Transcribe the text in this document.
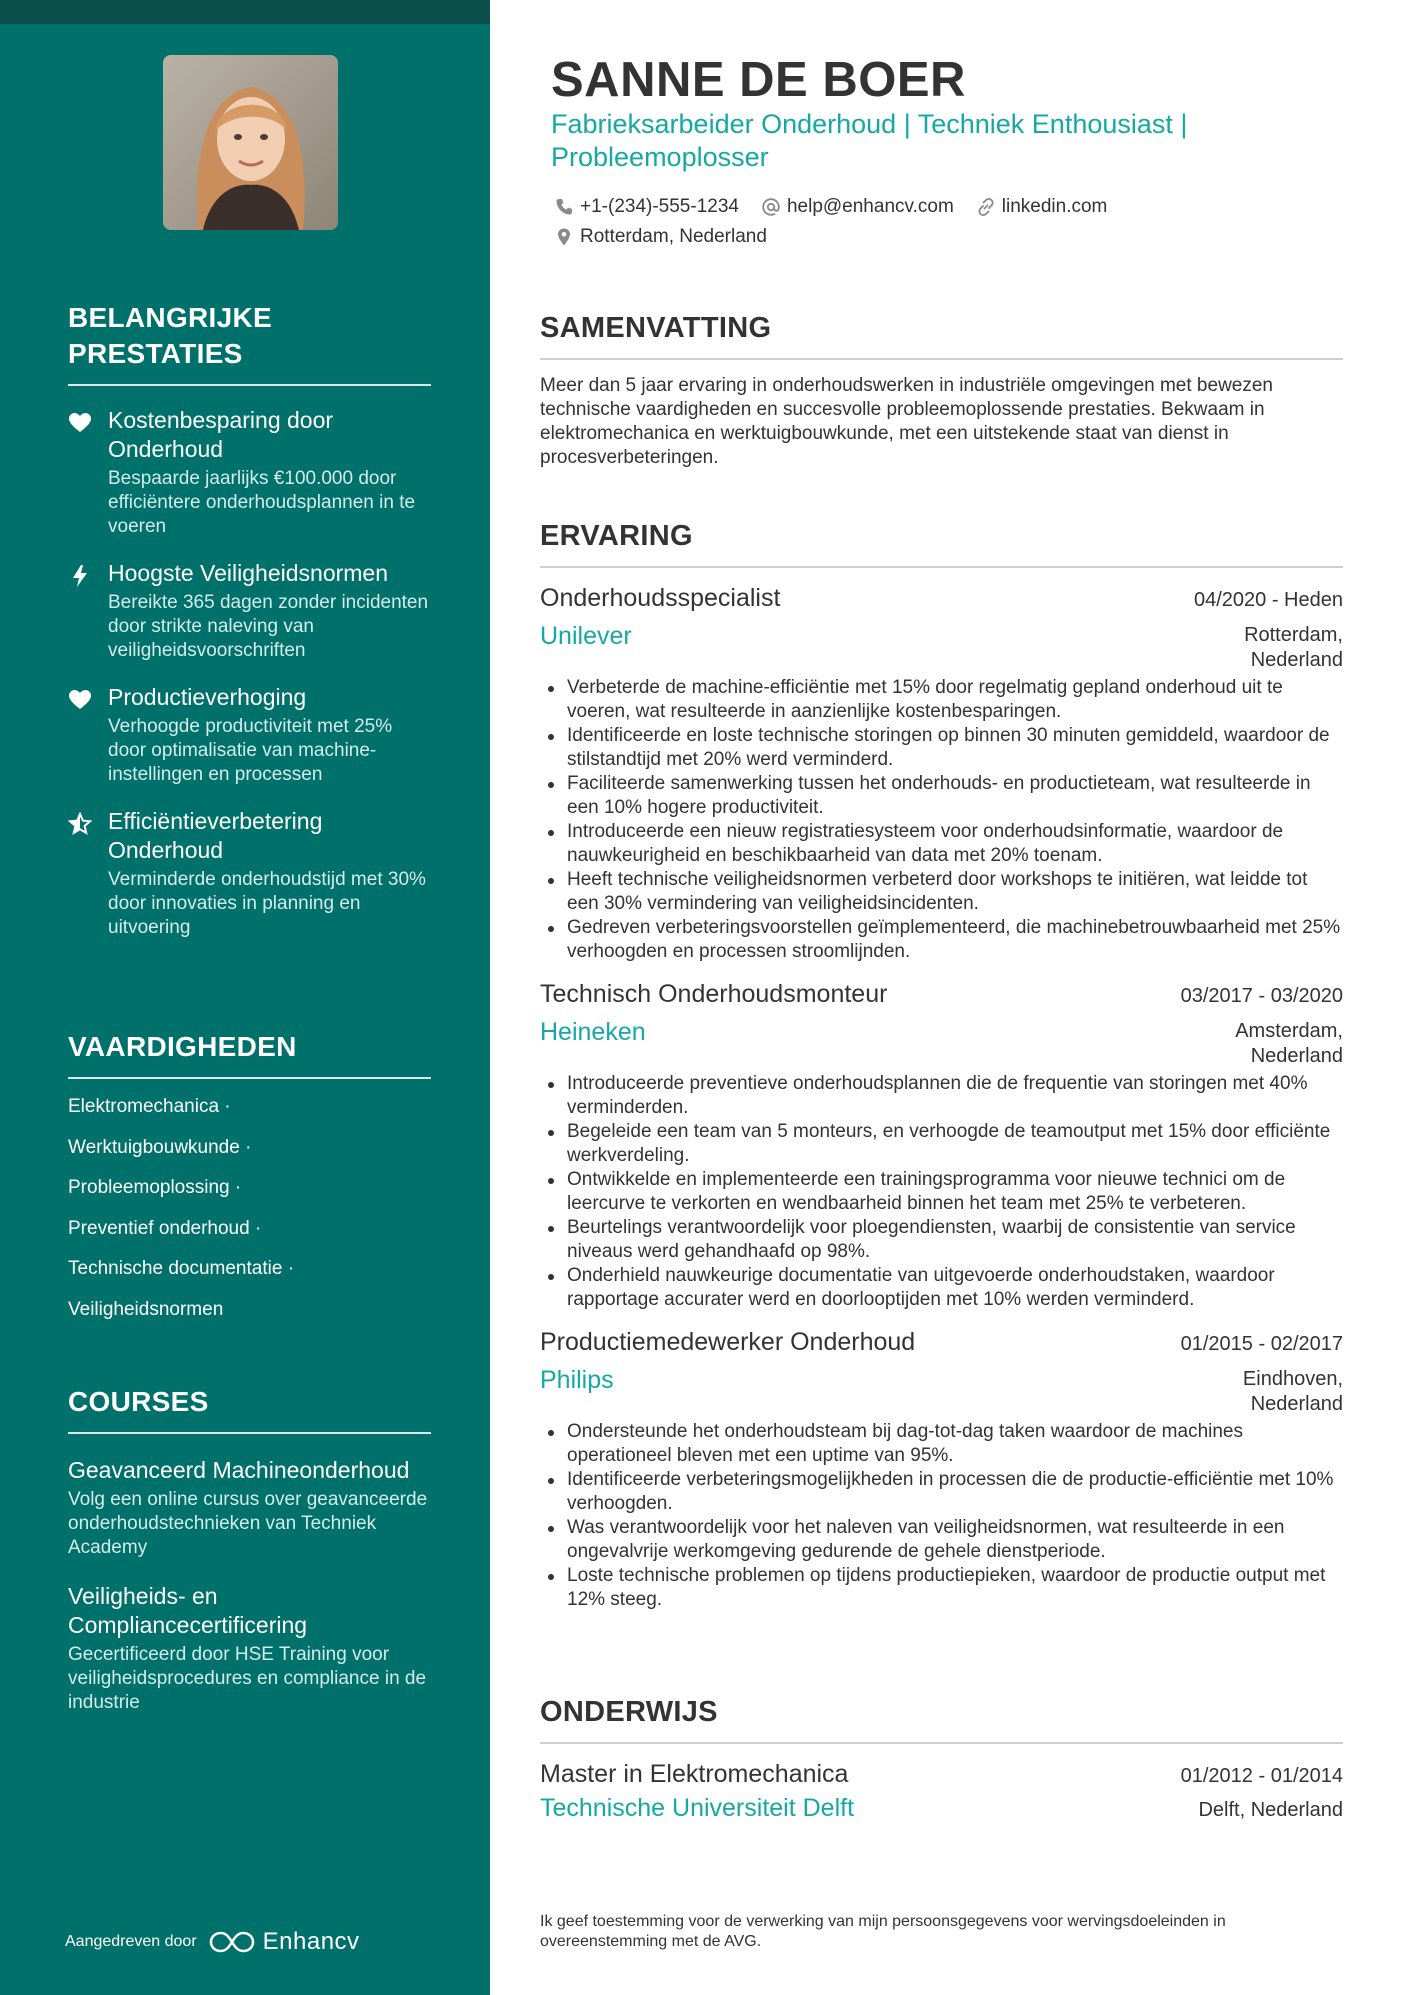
BELANGRIJKE PRESTATIES
Kostenbesparing door Onderhoud
Bespaarde jaarlijks €100.000 door efficiëntere onderhoudsplannen in te voeren
Hoogste Veiligheidsnormen
Bereikte 365 dagen zonder incidenten door strikte naleving van veiligheidsvoorschriften
Productieverhoging
Verhoogde productiviteit met 25% door optimalisatie van machine-instellingen en processen
Efficiëntieverbetering Onderhoud
Verminderde onderhoudstijd met 30% door innovaties in planning en uitvoering
VAARDIGHEDEN
Elektromechanica ·
Werktuigbouwkunde ·
Probleemoplossing ·
Preventief onderhoud ·
Technische documentatie ·
Veiligheidsnormen
COURSES
Geavanceerd Machineonderhoud
Volg een online cursus over geavanceerde onderhoudstechnieken van Techniek Academy
Veiligheids- en Compliancecertificering
Gecertificeerd door HSE Training voor veiligheidsprocedures en compliance in de industrie
Aangedreven door	Enhancv
SANNE DE BOER
Fabrieksarbeider Onderhoud | Techniek Enthousiast | Probleemoplosser
+1-(234)-555-1234	help@enhancv.com	linkedin.com
Rotterdam, Nederland
SAMENVATTING

Meer dan 5 jaar ervaring in onderhoudswerken in industriële omgevingen met bewezen technische vaardigheden en succesvolle probleemoplossende prestaties. Bekwaam in elektromechanica en werktuigbouwkunde, met een uitstekende staat van dienst in procesverbeteringen.

ERVARING
Onderhoudsspecialist	04/2020 - Heden
Unilever	Rotterdam, Nederland
Verbeterde de machine-efficiëntie met 15% door regelmatig gepland onderhoud uit te voeren, wat resulteerde in aanzienlijke kostenbesparingen.
Identificeerde en loste technische storingen op binnen 30 minuten gemiddeld, waardoor de stilstandtijd met 20% werd verminderd.
Faciliteerde samenwerking tussen het onderhouds- en productieteam, wat resulteerde in een 10% hogere productiviteit.
Introduceerde een nieuw registratiesysteem voor onderhoudsinformatie, waardoor de nauwkeurigheid en beschikbaarheid van data met 20% toenam.
Heeft technische veiligheidsnormen verbeterd door workshops te initiëren, wat leidde tot een 30% vermindering van veiligheidsincidenten.
Gedreven verbeteringsvoorstellen geïmplementeerd, die machinebetrouwbaarheid met 25% verhoogden en processen stroomlijnden.
Technisch Onderhoudsmonteur	03/2017 - 03/2020
Heineken	Amsterdam, Nederland
Introduceerde preventieve onderhoudsplannen die de frequentie van storingen met 40% verminderden.
Begeleide een team van 5 monteurs, en verhoogde de teamoutput met 15% door efficiënte werkverdeling.
Ontwikkelde en implementeerde een trainingsprogramma voor nieuwe technici om de leercurve te verkorten en wendbaarheid binnen het team met 25% te verbeteren.
Beurtelings verantwoordelijk voor ploegendiensten, waarbij de consistentie van service niveaus werd gehandhaafd op 98%.
Onderhield nauwkeurige documentatie van uitgevoerde onderhoudstaken, waardoor rapportage accurater werd en doorlooptijden met 10% werden verminderd.
Productiemedewerker Onderhoud	01/2015 - 02/2017
Philips	Eindhoven, Nederland
Ondersteunde het onderhoudsteam bij dag-tot-dag taken waardoor de machines operationeel bleven met een uptime van 95%.
Identificeerde verbeteringsmogelijkheden in processen die de productie-efficiëntie met 10% verhoogden.
Was verantwoordelijk voor het naleven van veiligheidsnormen, wat resulteerde in een ongevalvrije werkomgeving gedurende de gehele dienstperiode.
Loste technische problemen op tijdens productiepieken, waardoor de productie output met 12% steeg.
ONDERWIJS
Master in Elektromechanica	01/2012 - 01/2014
Technische Universiteit Delft	Delft, Nederland

Ik geef toestemming voor de verwerking van mijn persoonsgegevens voor wervingsdoeleinden in overeenstemming met de AVG.
